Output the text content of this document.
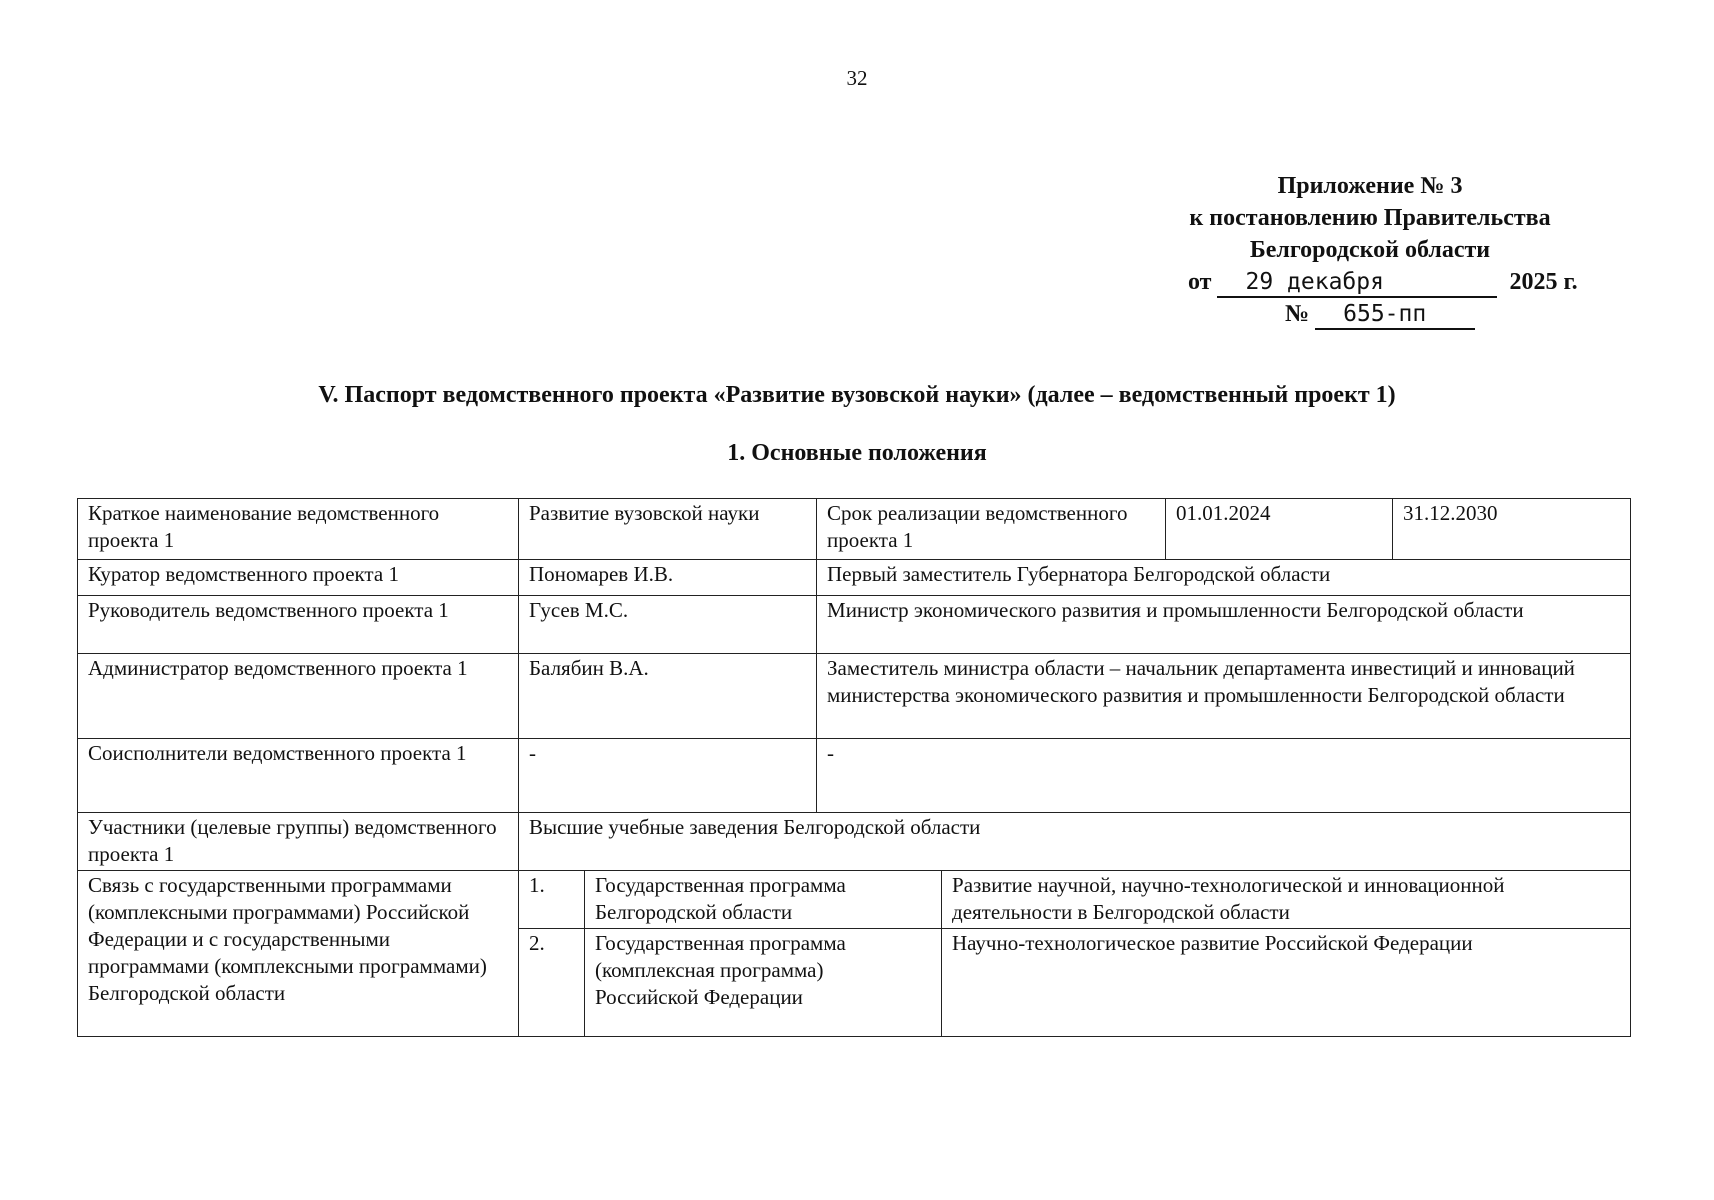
32
Приложение № 3
к постановлению Правительства
Белгородской области
от 29 декабря	2025 г.
№ 655-пп
V. Паспорт ведомственного проекта «Развитие вузовской науки» (далее – ведомственный проект 1)
1. Основные положения
Краткое наименование ведомственного проекта 1	Развитие вузовской науки		Срок реализации ведомственного проекта 1		01.01.2024	31.12.2030
Куратор ведомственного проекта 1	Пономарев И.В.		Первый заместитель Губернатора Белгородской области			
Руководитель ведомственного проекта 1	Гусев М.С.		Министр экономического развития и промышленности Белгородской области			
Администратор ведомственного проекта 1	Балябин В.А.		Заместитель министра области – начальник департамента инвестиций и инноваций министерства экономического развития и промышленности Белгородской области			
Соисполнители ведомственного проекта 1	-		-			
Участники (целевые группы) ведомственного проекта 1	Высшие учебные заведения Белгородской области					
Связь с государственными программами (комплексными программами) Российской Федерации и с государственными программами (комплексными программами) Белгородской области	1.	Государственная программа Белгородской области		Развитие научной, научно-технологической и инновационной деятельности в Белгородской области		
	2.	Государственная программа (комплексная программа) Российской Федерации		Научно-технологическое развитие Российской Федерации		
